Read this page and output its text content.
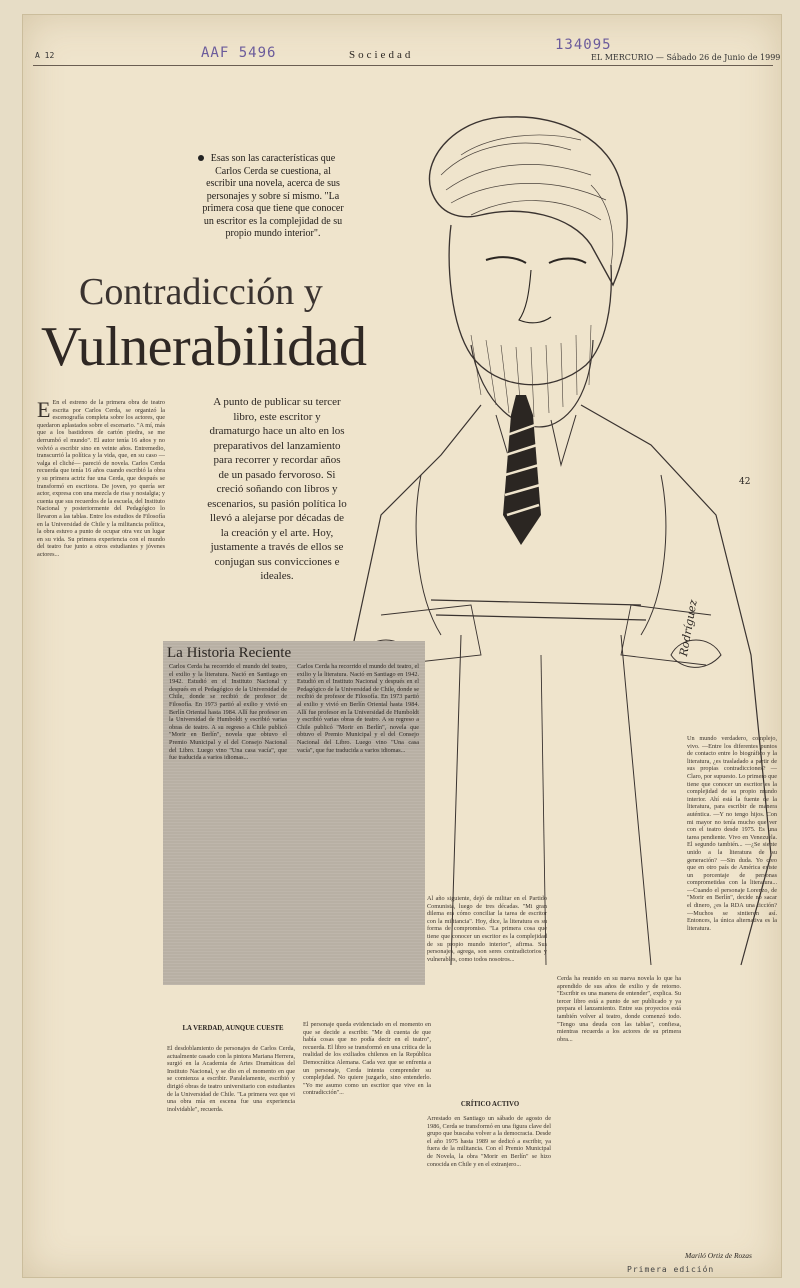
A 12	AAF 5496	Sociedad
134095
EL MERCURIO — Sábado 26 de Junio de 1999
Esas son las características que Carlos Cerda se cuestiona, al escribir una novela, acerca de sus personajes y sobre sí mismo. "La primera cosa que tiene que conocer un escritor es la complejidad de su propio mundo interior".
42
Rodríguez
Contradicción y
Vulnerabilidad
A punto de publicar su tercer libro, este escritor y dramaturgo hace un alto en los preparativos del lanzamiento para recorrer y recordar años de un pasado fervoroso. Si creció soñando con libros y escenarios, su pasión política lo llevó a alejarse por décadas de la creación y el arte. Hoy, justamente a través de ellos se conjugan sus convicciones e ideales.
E En el estreno de la primera obra de teatro escrita por Carlos Cerda, se organizó la escenografía completa sobre los actores, que quedaron aplastados sobre el escenario. "A mí, más que a los bastidores de cartón piedra, se me derrumbó el mundo". El autor tenía 16 años y no volvió a escribir sino en veinte años. Entremedio, transcurrió la política y la vida, que, en su caso —valga el cliché— pareció de novela. Carlos Cerda recuerda que tenía 16 años cuando escribió la obra y su primera actriz fue una Cerda, que después se transformó en escritora. De joven, yo quería ser actor, expresa con una mezcla de risa y nostalgia; y cuenta que sus recuerdos de la escuela, del Instituto Nacional y posteriormente del Pedagógico lo llevaron a las tablas. Entre los estudios de Filosofía en la Universidad de Chile y la militancia política, la obra estuvo a punto de ocupar otra vez un lugar en su vida. Su primera experiencia con el mundo del teatro fue junto a otros estudiantes y jóvenes actores...
La Historia Reciente
Carlos Cerda ha recorrido el mundo del teatro, el exilio y la literatura. Nació en Santiago en 1942. Estudió en el Instituto Nacional y después en el Pedagógico de la Universidad de Chile, donde se recibió de profesor de Filosofía. En 1973 partió al exilio y vivió en Berlín Oriental hasta 1984. Allí fue profesor en la Universidad de Humboldt y escribió varias obras de teatro. A su regreso a Chile publicó "Morir en Berlín", novela que obtuvo el Premio Municipal y el del Consejo Nacional del Libro. Luego vino "Una casa vacía", que fue traducida a varios idiomas...
Carlos Cerda ha recorrido el mundo del teatro, el exilio y la literatura. Nació en Santiago en 1942. Estudió en el Instituto Nacional y después en el Pedagógico de la Universidad de Chile, donde se recibió de profesor de Filosofía. En 1973 partió al exilio y vivió en Berlín Oriental hasta 1984. Allí fue profesor en la Universidad de Humboldt y escribió varias obras de teatro. A su regreso a Chile publicó "Morir en Berlín", novela que obtuvo el Premio Municipal y el del Consejo Nacional del Libro. Luego vino "Una casa vacía", que fue traducida a varios idiomas...
LA VERDAD, AUNQUE CUESTE
El desdoblamiento de personajes de Carlos Cerda, actualmente casado con la pintora Mariana Herrera, surgió en la Academia de Artes Dramáticas del Instituto Nacional, y se dio en el momento en que se comienza a escribir. Paralelamente, escribió y dirigió obras de teatro universitario con estudiantes de la Universidad de Chile. "La primera vez que vi una obra mía en escena fue una experiencia inolvidable", recuerda.
El personaje queda evidenciado en el momento en que se decide a escribir. "Me di cuenta de que había cosas que no podía decir en el teatro", recuerda. El libro se transformó en una crítica de la realidad de los exiliados chilenos en la República Democrática Alemana. Cada vez que se enfrenta a un personaje, Cerda intenta comprender su complejidad. No quiere juzgarlo, sino entenderlo. "Yo me asumo como un escritor que vive en la contradicción"...
Al año siguiente, dejó de militar en el Partido Comunista, luego de tres décadas. "Mi gran dilema era cómo conciliar la tarea de escritor con la militancia". Hoy, dice, la literatura es su forma de compromiso. "La primera cosa que tiene que conocer un escritor es la complejidad de su propio mundo interior", afirma. Sus personajes, agrega, son seres contradictorios y vulnerables, como todos nosotros...
CRÍTICO ACTIVO
Arrestado en Santiago un sábado de agosto de 1986, Cerda se transformó en una figura clave del grupo que buscaba volver a la democracia. Desde el año 1975 hasta 1989 se dedicó a escribir, ya fuera de la militancia. Con el Premio Municipal de Novela, la obra "Morir en Berlín" se hizo conocida en Chile y en el extranjero...
Cerda ha reunido en su nueva novela lo que ha aprendido de sus años de exilio y de retorno. "Escribir es una manera de entender", explica. Su tercer libro está a punto de ser publicado y ya prepara el lanzamiento. Entre sus proyectos está también volver al teatro, donde comenzó todo. "Tengo una deuda con las tablas", confiesa, mientras recuerda a los actores de su primera obra...
Un mundo verdadero, complejo, vivo. —Entre los diferentes puntos de contacto entre lo biográfico y la literatura, ¿es trasladado a partir de sus propias contradicciones? —Claro, por supuesto. Lo primero que tiene que conocer un escritor es la complejidad de su propio mundo interior. Ahí está la fuente de la literatura, para escribir de manera auténtica. —Y no tengo hijos. Con mi mayor no tenía mucho que ver con el teatro desde 1975. Es una tarea pendiente. Vivo en Venezuela. El segundo también... —¿Se siente unido a la literatura de su generación? —Sin duda. Yo creo que en otro país de América existe un porcentaje de personas comprometidas con la literatura... —Cuando el personaje Lorenzo, de "Morir en Berlín", decide no sacar el dinero, ¿es la RDA una ficción? —Muchos se sintieron así. Entonces, la única alternativa es la literatura.
Mariló Ortiz de Rozas
Primera edición
